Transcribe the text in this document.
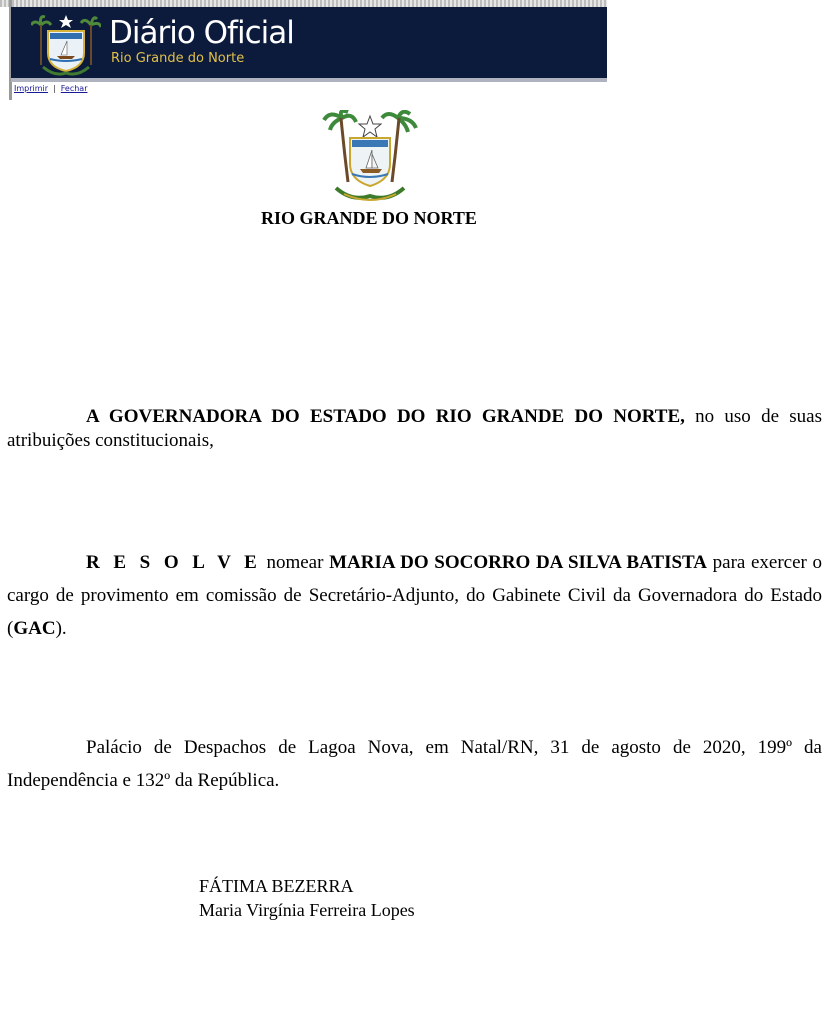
Diário Oficial
Rio Grande do Norte
Imprimir | Fechar
RIO GRANDE DO NORTE

A GOVERNADORA DO ESTADO DO RIO GRANDE DO NORTE, no uso de suas atribuições constitucionais,

R E S O L V E nomear MARIA DO SOCORRO DA SILVA BATISTA para exercer o cargo de provimento em comissão de Secretário-Adjunto, do Gabinete Civil da Governadora do Estado (GAC).

Palácio de Despachos de Lagoa Nova, em Natal/RN, 31 de agosto de 2020, 199º da Independência e 132º da República.

FÁTIMA BEZERRA
Maria Virgínia Ferreira Lopes
